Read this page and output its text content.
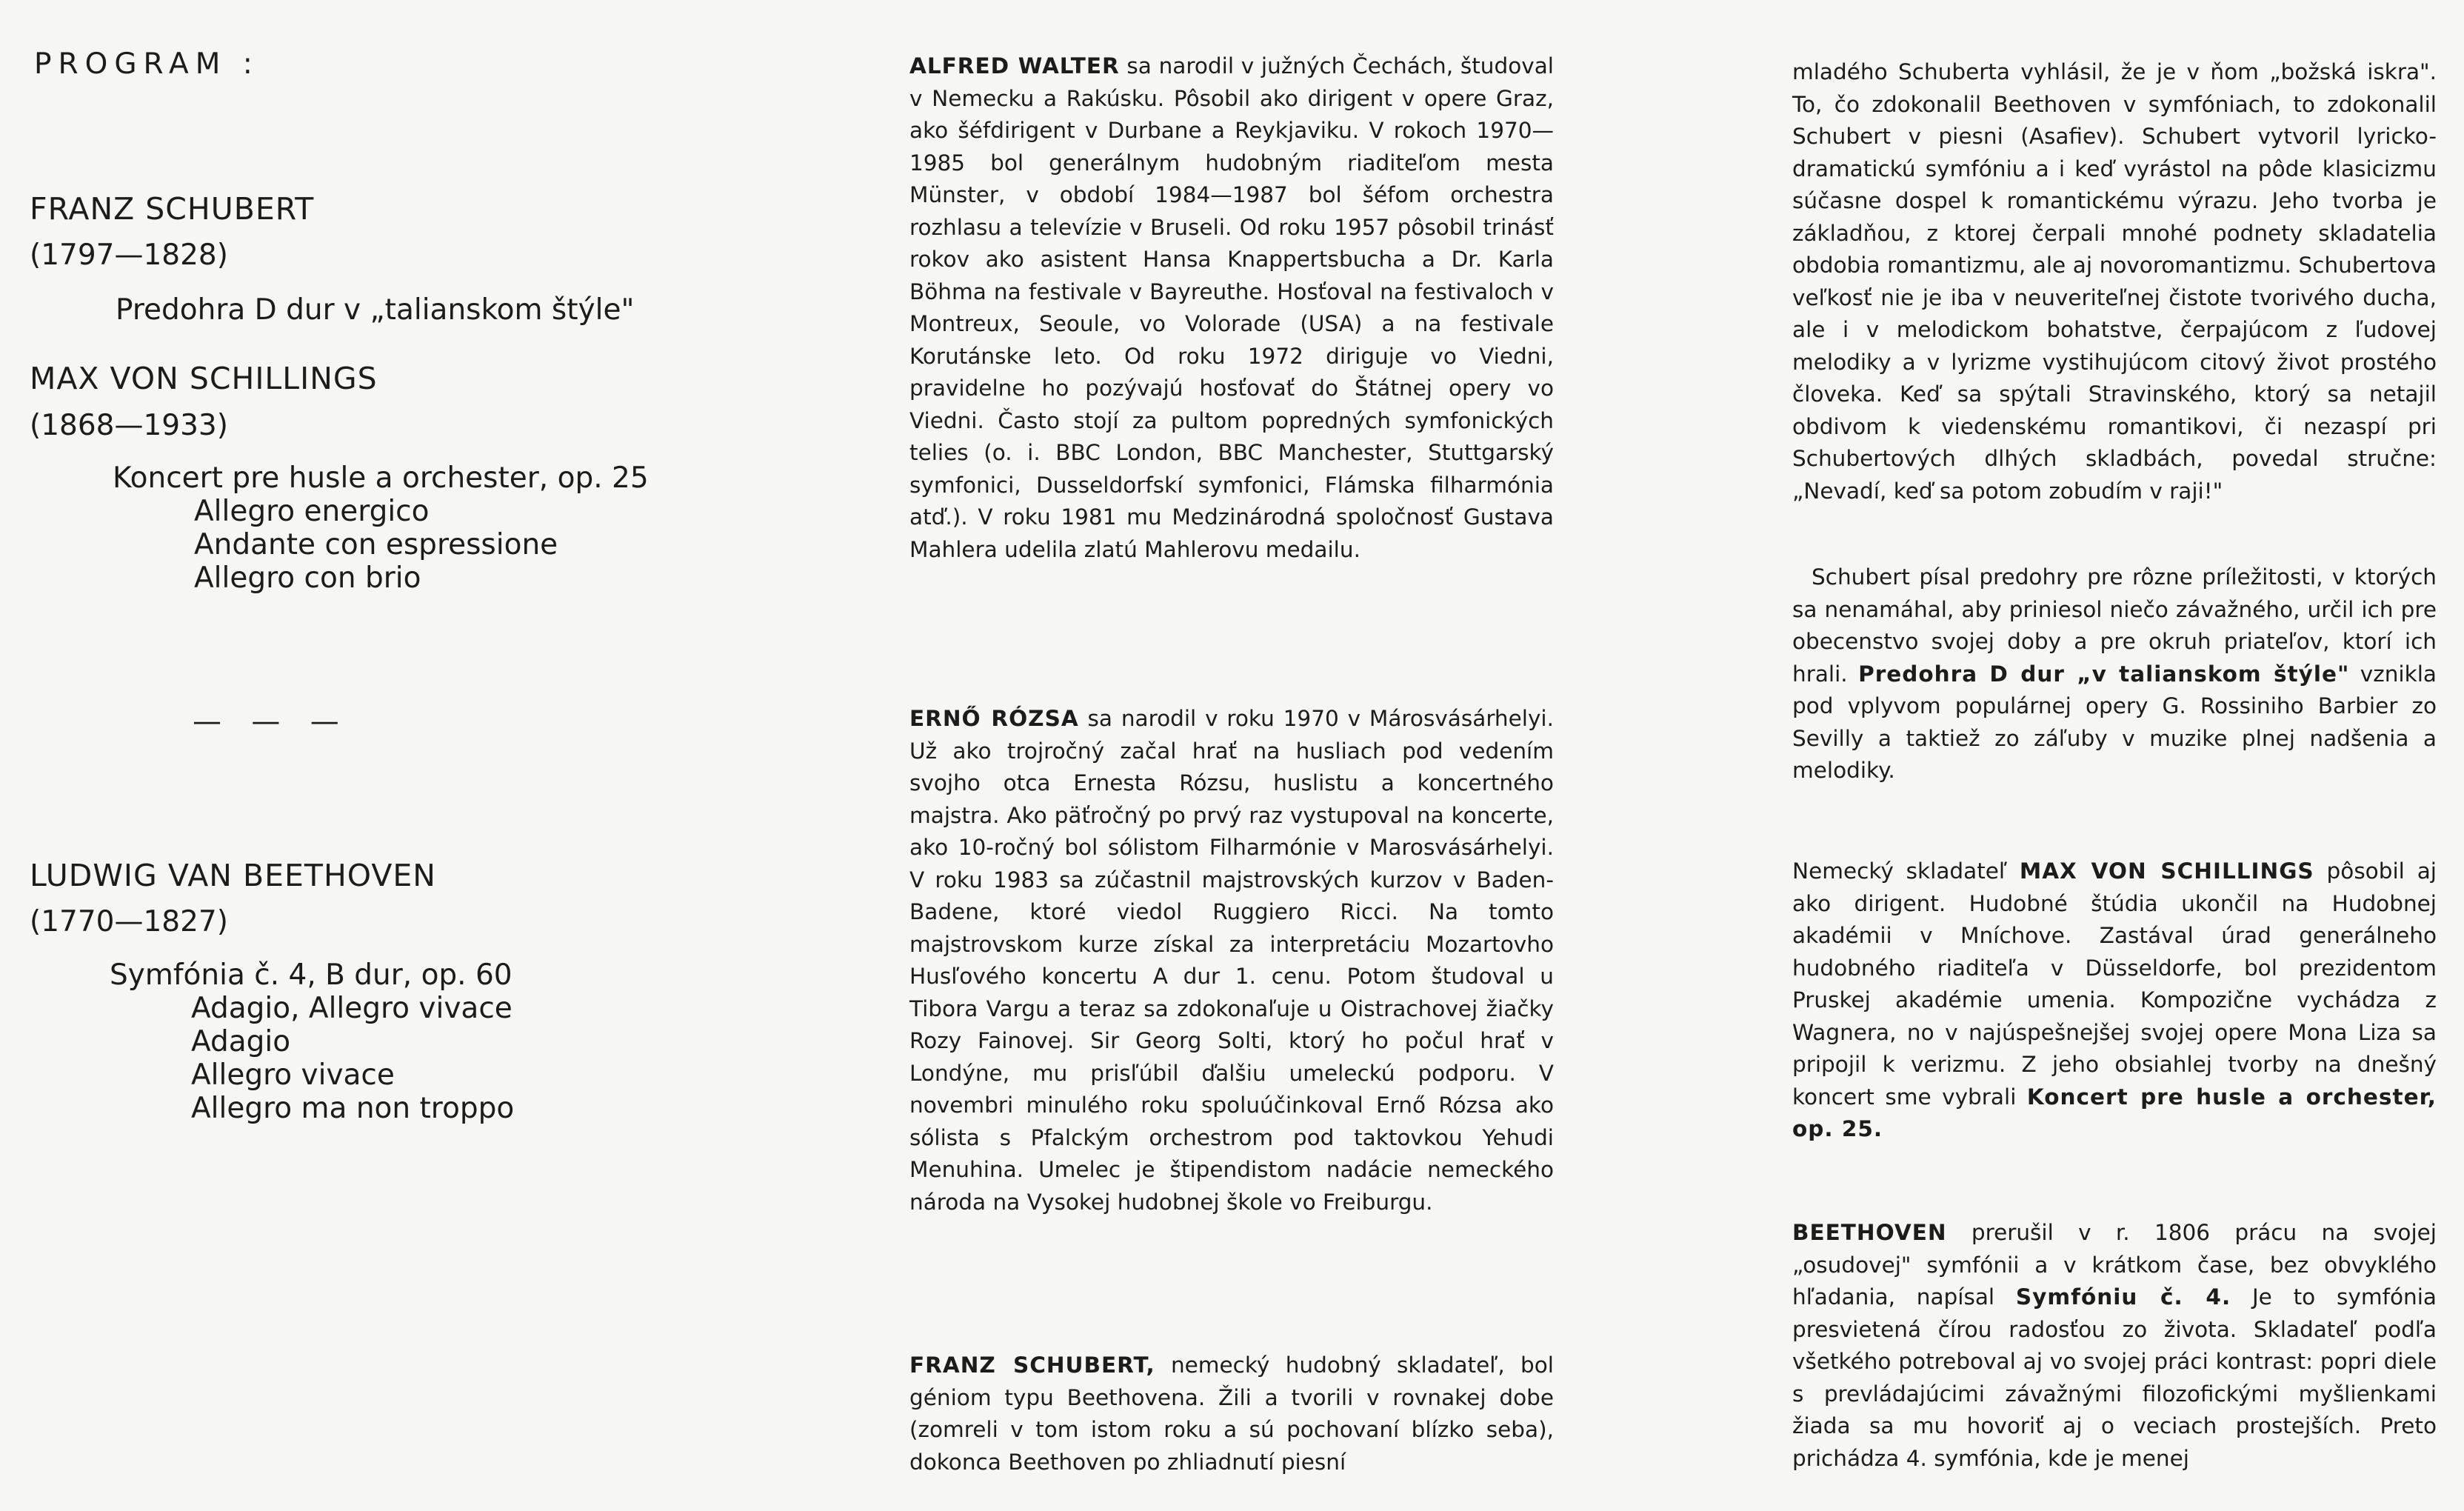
PROGRAM :
FRANZ SCHUBERT
(1797—1828)
Predohra D dur v „talianskom štýle"
MAX VON SCHILLINGS
(1868—1933)
Koncert pre husle a orchester, op. 25
Allegro energico
Andante con espressione
Allegro con brio
— — —
LUDWIG VAN BEETHOVEN
(1770—1827)
Symfónia č. 4, B dur, op. 60
Adagio, Allegro vivace
Adagio
Allegro vivace
Allegro ma non troppo

ALFRED WALTER sa narodil v južných Čechách, študoval v Nemecku a Rakúsku. Pôsobil ako dirigent v opere Graz, ako šéfdirigent v Durbane a Reykjaviku. V rokoch 1970—1985 bol generálnym hudobným riaditeľom mesta Münster, v období 1984—1987 bol šéfom orchestra rozhlasu a televízie v Bruseli. Od roku 1957 pôsobil trinásť rokov ako asistent Hansa Knappertsbucha a Dr. Karla Böhma na festivale v Bayreuthe. Hosťoval na festivaloch v Montreux, Seoule, vo Volorade (USA) a na festivale Korutánske leto. Od roku 1972 diriguje vo Viedni, pravidelne ho pozývajú hosťovať do Štátnej opery vo Viedni. Často stojí za pultom popredných symfonických telies (o. i. BBC London, BBC Manchester, Stuttgarský symfonici, Dusseldorfskí symfonici, Flámska filharmónia atď.). V roku 1981 mu Medzinárodná spoločnosť Gustava Mahlera udelila zlatú Mahlerovu medailu.

ERNŐ RÓZSA sa narodil v roku 1970 v Márosvásárhelyi. Už ako trojročný začal hrať na husliach pod vedením svojho otca Ernesta Rózsu, huslistu a koncertného majstra. Ako päťročný po prvý raz vystupoval na koncerte, ako 10-ročný bol sólistom Filharmónie v Marosvásárhelyi. V roku 1983 sa zúčastnil majstrovských kurzov v Baden-Badene, ktoré viedol Ruggiero Ricci. Na tomto majstrovskom kurze získal za interpretáciu Mozartovho Husľového koncertu A dur 1. cenu. Potom študoval u Tibora Vargu a teraz sa zdokonaľuje u Oistrachovej žiačky Rozy Fainovej. Sir Georg Solti, ktorý ho počul hrať v Londýne, mu prisľúbil ďalšiu umeleckú podporu. V novembri minulého roku spoluúčinkoval Ernő Rózsa ako sólista s Pfalckým orchestrom pod taktovkou Yehudi Menuhina. Umelec je štipendistom nadácie nemeckého národa na Vysokej hudobnej škole vo Freiburgu.

FRANZ SCHUBERT, nemecký hudobný skladateľ, bol géniom typu Beethovena. Žili a tvorili v rovnakej dobe (zomreli v tom istom roku a sú pochovaní blízko seba), dokonca Beethoven po zhliadnutí piesní

mladého Schuberta vyhlásil, že je v ňom „božská iskra". To, čo zdokonalil Beethoven v symfóniach, to zdokonalil Schubert v piesni (Asafiev). Schubert vytvoril lyricko-dramatickú symfóniu a i keď vyrástol na pôde klasicizmu súčasne dospel k romantickému výrazu. Jeho tvorba je základňou, z ktorej čerpali mnohé podnety skladatelia obdobia romantizmu, ale aj novoromantizmu. Schubertova veľkosť nie je iba v neuveriteľnej čistote tvorivého ducha, ale i v melodickom bohatstve, čerpajúcom z ľudovej melodiky a v lyrizme vystihujúcom citový život prostého človeka. Keď sa spýtali Stravinského, ktorý sa netajil obdivom k viedenskému romantikovi, či nezaspí pri Schubertových dlhých skladbách, povedal stručne: „Nevadí, keď sa potom zobudím v raji!"

Schubert písal predohry pre rôzne príležitosti, v ktorých sa nenamáhal, aby priniesol niečo závažného, určil ich pre obecenstvo svojej doby a pre okruh priateľov, ktorí ich hrali. Predohra D dur „v talianskom štýle" vznikla pod vplyvom populárnej opery G. Rossiniho Barbier zo Sevilly a taktiež zo záľuby v muzike plnej nadšenia a melodiky.

Nemecký skladateľ MAX VON SCHILLINGS pôsobil aj ako dirigent. Hudobné štúdia ukončil na Hudobnej akadémii v Mníchove. Zastával úrad generálneho hudobného riaditeľa v Düsseldorfe, bol prezidentom Pruskej akadémie umenia. Kompozične vychádza z Wagnera, no v najúspešnejšej svojej opere Mona Liza sa pripojil k verizmu. Z jeho obsiahlej tvorby na dnešný koncert sme vybrali Koncert pre husle a orchester, op. 25.

BEETHOVEN prerušil v r. 1806 prácu na svojej „osudovej" symfónii a v krátkom čase, bez obvyklého hľadania, napísal Symfóniu č. 4. Je to symfónia presvietená čírou radosťou zo života. Skladateľ podľa všetkého potreboval aj vo svojej práci kontrast: popri diele s prevládajúcimi závažnými filozofickými myšlienkami žiada sa mu hovoriť aj o veciach prostejších. Preto prichádza 4. symfónia, kde je menej
